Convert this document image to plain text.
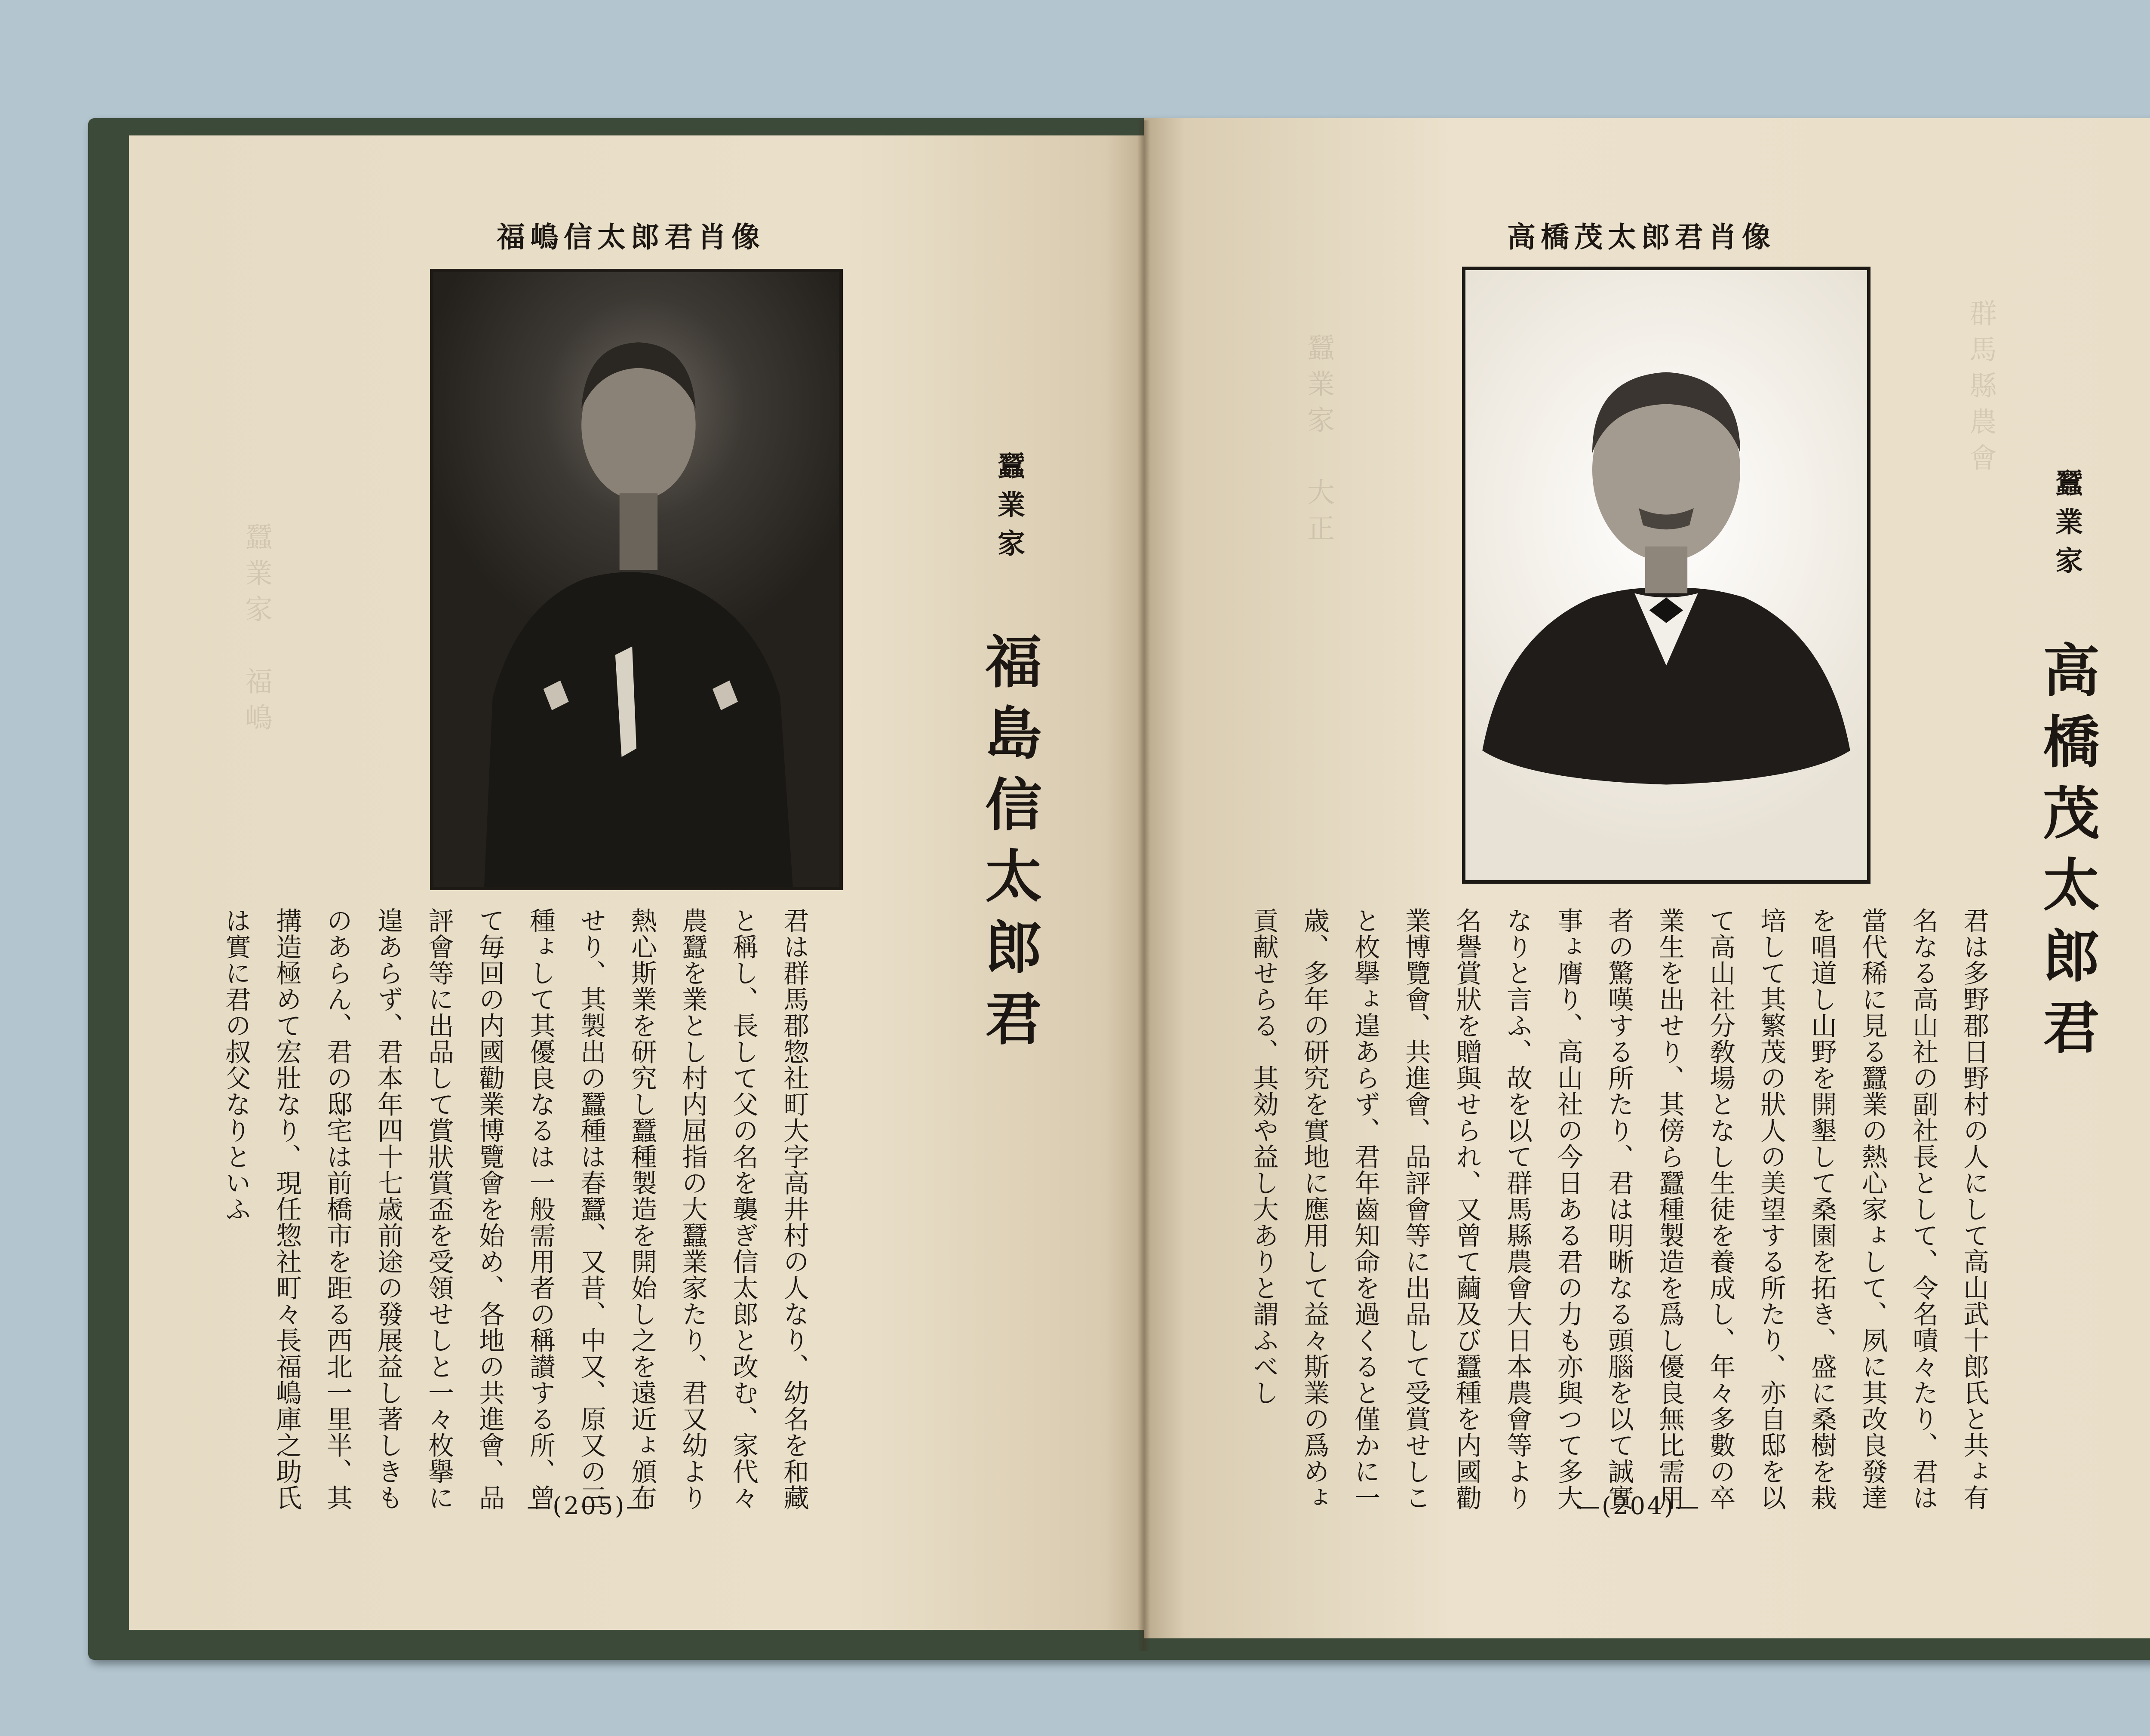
蠶業家　福嶋
福嶋信太郎君肖像
蠶業家
福島信太郎君

君は群馬郡惣社町大字高井村の人なり、幼名を和藏

と稱し、長して父の名を襲ぎ信太郎と改む、家代々

農蠶を業とし村内屈指の大蠶業家たり、君又幼より

熱心斯業を研究し蠶種製造を開始し之を遠近ょ頒布

せり、其製出の蠶種は春蠶、又昔、中又、原又の三

種ょして其優良なるは一般需用者の稱讃する所、曾

て毎回の内國勸業博覽會を始め、各地の共進會、品

評會等に出品して賞狀賞盃を受領せしと一々枚擧に

遑あらず、君本年四十七歳前途の發展益し著しきも

のあらん、君の邸宅は前橋市を距る西北一里半、其

搆造極めて宏壯なり、現任惣社町々長福嶋庫之助氏

は實に君の叔父なりといふ

—(205)—
蠶業家　大正	群馬縣農會
高橋茂太郎君肖像
蠶業家
高橋茂太郎君

君は多野郡日野村の人にして高山武十郎氏と共ょ有

名なる高山社の副社長として、令名嘖々たり、君は

當代稀に見る蠶業の熱心家ょして、夙に其改良發達

を唱道し山野を開墾して桑園を拓き、盛に桑樹を栽

培して其繁茂の狀人の美望する所たり、亦自邸を以

て高山社分敎場となし生徒を養成し、年々多數の卒

業生を出せり、其傍ら蠶種製造を爲し優良無比需用

者の驚嘆する所たり、君は明晰なる頭腦を以て誠實

事ょ膺り、高山社の今日ある君の力も亦與つて多大

なりと言ふ、故を以て群馬縣農會大日本農會等より

名譽賞狀を贈與せられ、又曾て繭及び蠶種を内國勸

業博覽會、共進會、品評會等に出品して受賞せしこ

と枚擧ょ遑あらず、君年齒知命を過くると僅かに一

歳、多年の研究を實地に應用して益々斯業の爲めょ

貢献せらる、其効や益し大ありと謂ふべし

—(204)—
